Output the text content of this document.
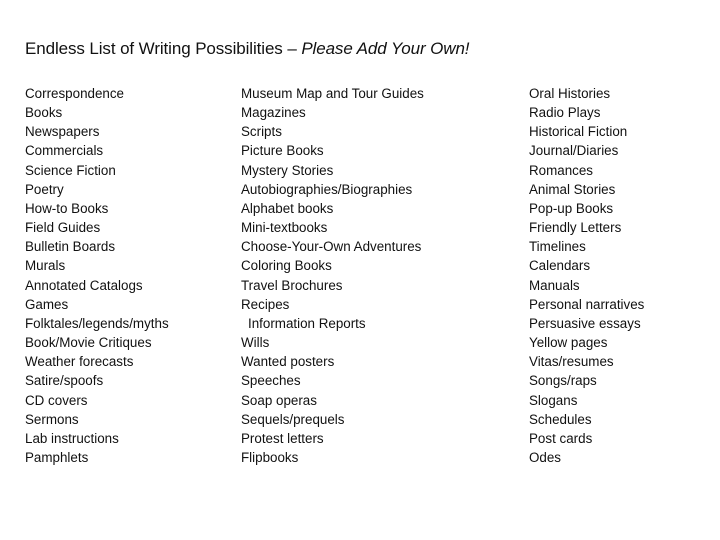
Endless List of Writing Possibilities – Please Add Your Own!
Correspondence
Books
Newspapers
Commercials
Science Fiction
Poetry
How-to Books
Field Guides
Bulletin Boards
Murals
Annotated Catalogs
Games
Folktales/legends/myths
Book/Movie Critiques
Weather forecasts
Satire/spoofs
CD covers
Sermons
Lab instructions
Pamphlets
Museum Map and Tour Guides
Magazines
Scripts
Picture Books
Mystery Stories
Autobiographies/Biographies
Alphabet books
Mini-textbooks
Choose-Your-Own Adventures
Coloring Books
Travel Brochures
Recipes
Information Reports
Wills
Wanted posters
Speeches
Soap operas
Sequels/prequels
Protest letters
Flipbooks
Oral Histories
Radio Plays
Historical Fiction
Journal/Diaries
Romances
Animal Stories
Pop-up Books
Friendly Letters
Timelines
Calendars
Manuals
Personal narratives
Persuasive essays
Yellow pages
Vitas/resumes
Songs/raps
Slogans
Schedules
Post cards
Odes
